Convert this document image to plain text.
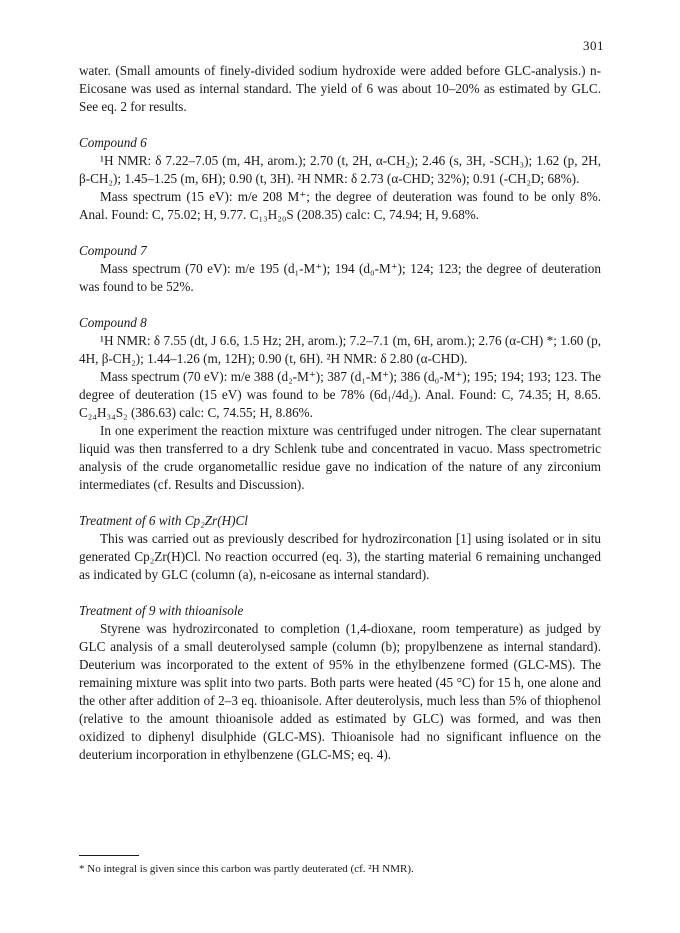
301

water. (Small amounts of finely-divided sodium hydroxide were added before GLC-analysis.) n-Eicosane was used as internal standard. The yield of 6 was about 10–20% as estimated by GLC. See eq. 2 for results.

Compound 6

¹H NMR: δ 7.22–7.05 (m, 4H, arom.); 2.70 (t, 2H, α-CH₂); 2.46 (s, 3H, -SCH₃); 1.62 (p, 2H, β-CH₂); 1.45–1.25 (m, 6H); 0.90 (t, 3H). ²H NMR: δ 2.73 (α-CHD; 32%); 0.91 (-CH₂D; 68%).

Mass spectrum (15 eV): m/e 208 M⁺; the degree of deuteration was found to be only 8%. Anal. Found: C, 75.02; H, 9.77. C₁₃H₂₀S (208.35) calc: C, 74.94; H, 9.68%.

Compound 7

Mass spectrum (70 eV): m/e 195 (d₁-M⁺); 194 (d₀-M⁺); 124; 123; the degree of deuteration was found to be 52%.

Compound 8

¹H NMR: δ 7.55 (dt, J 6.6, 1.5 Hz; 2H, arom.); 7.2–7.1 (m, 6H, arom.); 2.76 (α-CH) *; 1.60 (p, 4H, β-CH₂); 1.44–1.26 (m, 12H); 0.90 (t, 6H). ²H NMR: δ 2.80 (α-CHD).

Mass spectrum (70 eV): m/e 388 (d₂-M⁺); 387 (d₁-M⁺); 386 (d₀-M⁺); 195; 194; 193; 123. The degree of deuteration (15 eV) was found to be 78% (6d₁/4d₂). Anal. Found: C, 74.35; H, 8.65. C₂₄H₃₄S₂ (386.63) calc: C, 74.55; H, 8.86%.

In one experiment the reaction mixture was centrifuged under nitrogen. The clear supernatant liquid was then transferred to a dry Schlenk tube and concentrated in vacuo. Mass spectrometric analysis of the crude organometallic residue gave no indication of the nature of any zirconium intermediates (cf. Results and Discussion).

Treatment of 6 with Cp₂Zr(H)Cl

This was carried out as previously described for hydrozirconation [1] using isolated or in situ generated Cp₂Zr(H)Cl. No reaction occurred (eq. 3), the starting material 6 remaining unchanged as indicated by GLC (column (a), n-eicosane as internal standard).

Treatment of 9 with thioanisole

Styrene was hydrozirconated to completion (1,4-dioxane, room temperature) as judged by GLC analysis of a small deuterolysed sample (column (b); propylbenzene as internal standard). Deuterium was incorporated to the extent of 95% in the ethylbenzene formed (GLC-MS). The remaining mixture was split into two parts. Both parts were heated (45 °C) for 15 h, one alone and the other after addition of 2–3 eq. thioanisole. After deuterolysis, much less than 5% of thiophenol (relative to the amount thioanisole added as estimated by GLC) was formed, and was then oxidized to diphenyl disulphide (GLC-MS). Thioanisole had no significant influence on the deuterium incorporation in ethylbenzene (GLC-MS; eq. 4).

* No integral is given since this carbon was partly deuterated (cf. ²H NMR).
